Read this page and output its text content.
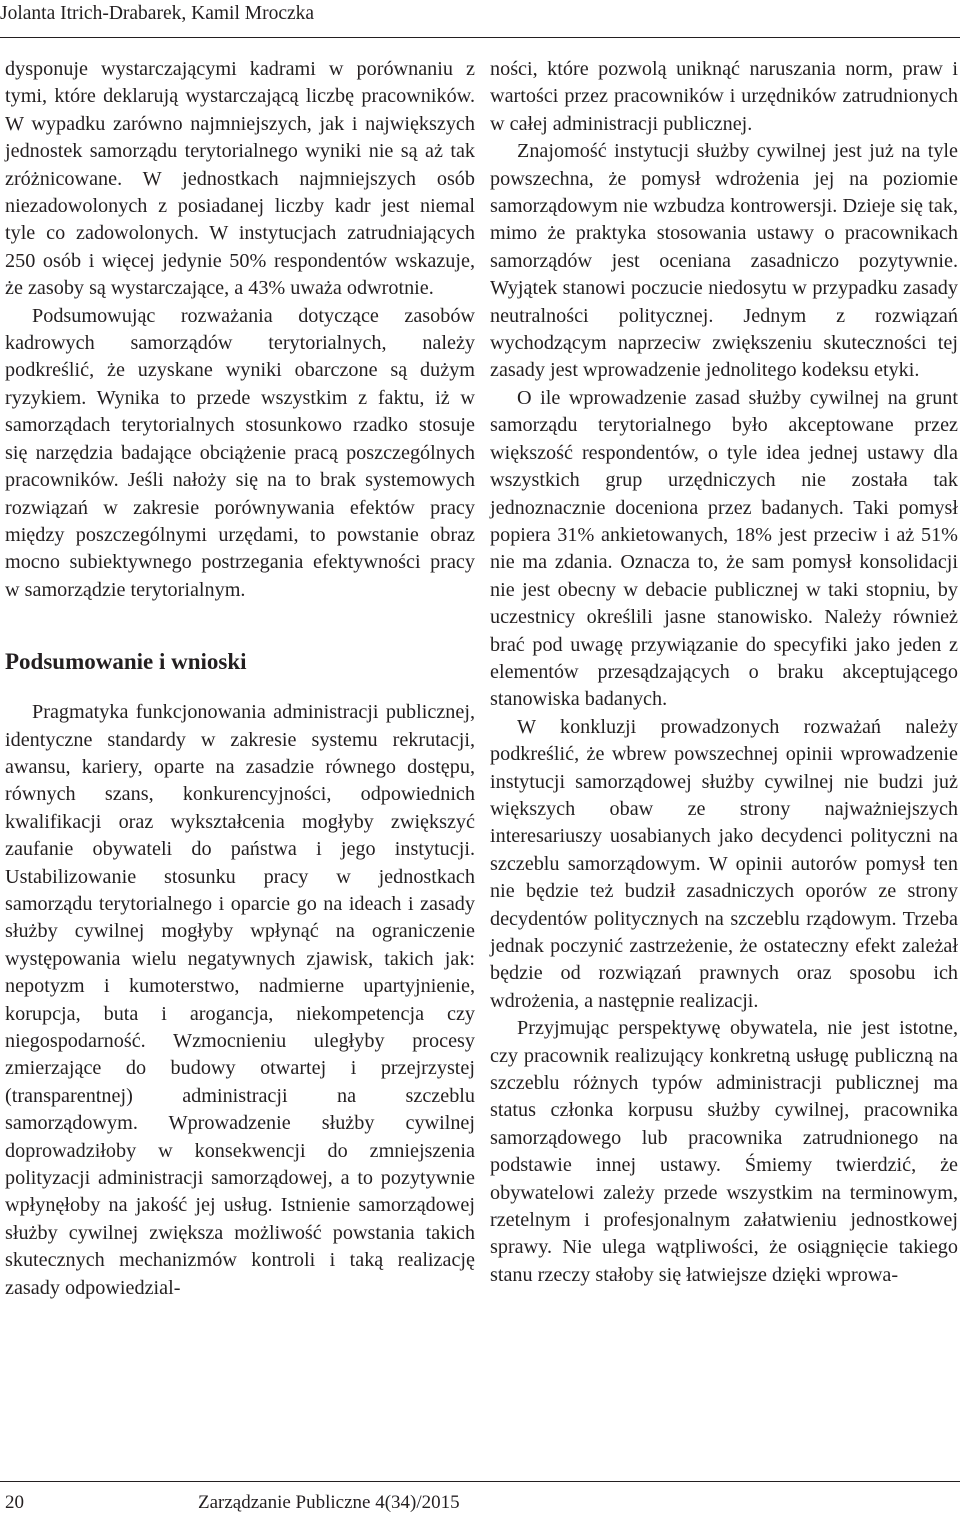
Jolanta Itrich-Drabarek, Kamil Mroczka

dysponuje wystarczającymi kadrami w porównaniu z tymi, które deklarują wystarczającą liczbę pracowników. W wypadku zarówno najmniejszych, jak i największych jednostek samorządu terytorialnego wyniki nie są aż tak zróżnicowane. W jednostkach najmniejszych osób niezadowolonych z posiadanej liczby kadr jest niemal tyle co zadowolonych. W instytucjach zatrudniających 250 osób i więcej jedynie 50% respondentów wskazuje, że zasoby są wystarczające, a 43% uważa odwrotnie.

Podsumowując rozważania dotyczące zasobów kadrowych samorządów terytorialnych, należy podkreślić, że uzyskane wyniki obarczone są dużym ryzykiem. Wynika to przede wszystkim z faktu, iż w samorządach terytorialnych stosunkowo rzadko stosuje się narzędzia badające obciążenie pracą poszczególnych pracowników. Jeśli nałoży się na to brak systemowych rozwiązań w zakresie porównywania efektów pracy między poszczególnymi urzędami, to powstanie obraz mocno subiektywnego postrzegania efektywności pracy w samorządzie terytorialnym.

Podsumowanie i wnioski

Pragmatyka funkcjonowania administracji publicznej, identyczne standardy w zakresie systemu rekrutacji, awansu, kariery, oparte na zasadzie równego dostępu, równych szans, konkurencyjności, odpowiednich kwalifikacji oraz wykształcenia mogłyby zwiększyć zaufanie obywateli do państwa i jego instytucji. Ustabilizowanie stosunku pracy w jednostkach samorządu terytorialnego i oparcie go na ideach i zasady służby cywilnej mogłyby wpłynąć na ograniczenie występowania wielu negatywnych zjawisk, takich jak: nepotyzm i kumoterstwo, nadmierne upartyjnienie, korupcja, buta i arogancja, niekompetencja czy niegospodarność. Wzmocnieniu uległyby procesy zmierzające do budowy otwartej i przejrzystej (transparentnej) administracji na szczeblu samorządowym. Wprowadzenie służby cywilnej doprowadziłoby w konsekwencji do zmniejszenia polityzacji administracji samorządowej, a to pozytywnie wpłynęłoby na jakość jej usług. Istnienie samorządowej służby cywilnej zwiększa możliwość powstania takich skutecznych mechanizmów kontroli i taką realizację zasady odpowiedzial-

ności, które pozwolą uniknąć naruszania norm, praw i wartości przez pracowników i urzędników zatrudnionych w całej administracji publicznej.

Znajomość instytucji służby cywilnej jest już na tyle powszechna, że pomysł wdrożenia jej na poziomie samorządowym nie wzbudza kontrowersji. Dzieje się tak, mimo że praktyka stosowania ustawy o pracownikach samorządów jest oceniana zasadniczo pozytywnie. Wyjątek stanowi poczucie niedosytu w przypadku zasady neutralności politycznej. Jednym z rozwiązań wychodzącym naprzeciw zwiększeniu skuteczności tej zasady jest wprowadzenie jednolitego kodeksu etyki.

O ile wprowadzenie zasad służby cywilnej na grunt samorządu terytorialnego było akceptowane przez większość respondentów, o tyle idea jednej ustawy dla wszystkich grup urzędniczych nie została tak jednoznacznie doceniona przez badanych. Taki pomysł popiera 31% ankietowanych, 18% jest przeciw i aż 51% nie ma zdania. Oznacza to, że sam pomysł konsolidacji nie jest obecny w debacie publicznej w taki stopniu, by uczestnicy określili jasne stanowisko. Należy również brać pod uwagę przywiązanie do specyfiki jako jeden z elementów przesądzających o braku akceptującego stanowiska badanych.

W konkluzji prowadzonych rozważań należy podkreślić, że wbrew powszechnej opinii wprowadzenie instytucji samorządowej służby cywilnej nie budzi już większych obaw ze strony najważniejszych interesariuszy uosabianych jako decydenci polityczni na szczeblu samorządowym. W opinii autorów pomysł ten nie będzie też budził zasadniczych oporów ze strony decydentów politycznych na szczeblu rządowym. Trzeba jednak poczynić zastrzeżenie, że ostateczny efekt zależał będzie od rozwiązań prawnych oraz sposobu ich wdrożenia, a następnie realizacji.

Przyjmując perspektywę obywatela, nie jest istotne, czy pracownik realizujący konkretną usługę publiczną na szczeblu różnych typów administracji publicznej ma status członka korpusu służby cywilnej, pracownika samorządowego lub pracownika zatrudnionego na podstawie innej ustawy. Śmiemy twierdzić, że obywatelowi zależy przede wszystkim na terminowym, rzetelnym i profesjonalnym załatwieniu jednostkowej sprawy. Nie ulega wątpliwości, że osiągnięcie takiego stanu rzeczy stałoby się łatwiejsze dzięki wprowa-

20	Zarządzanie Publiczne 4(34)/2015
